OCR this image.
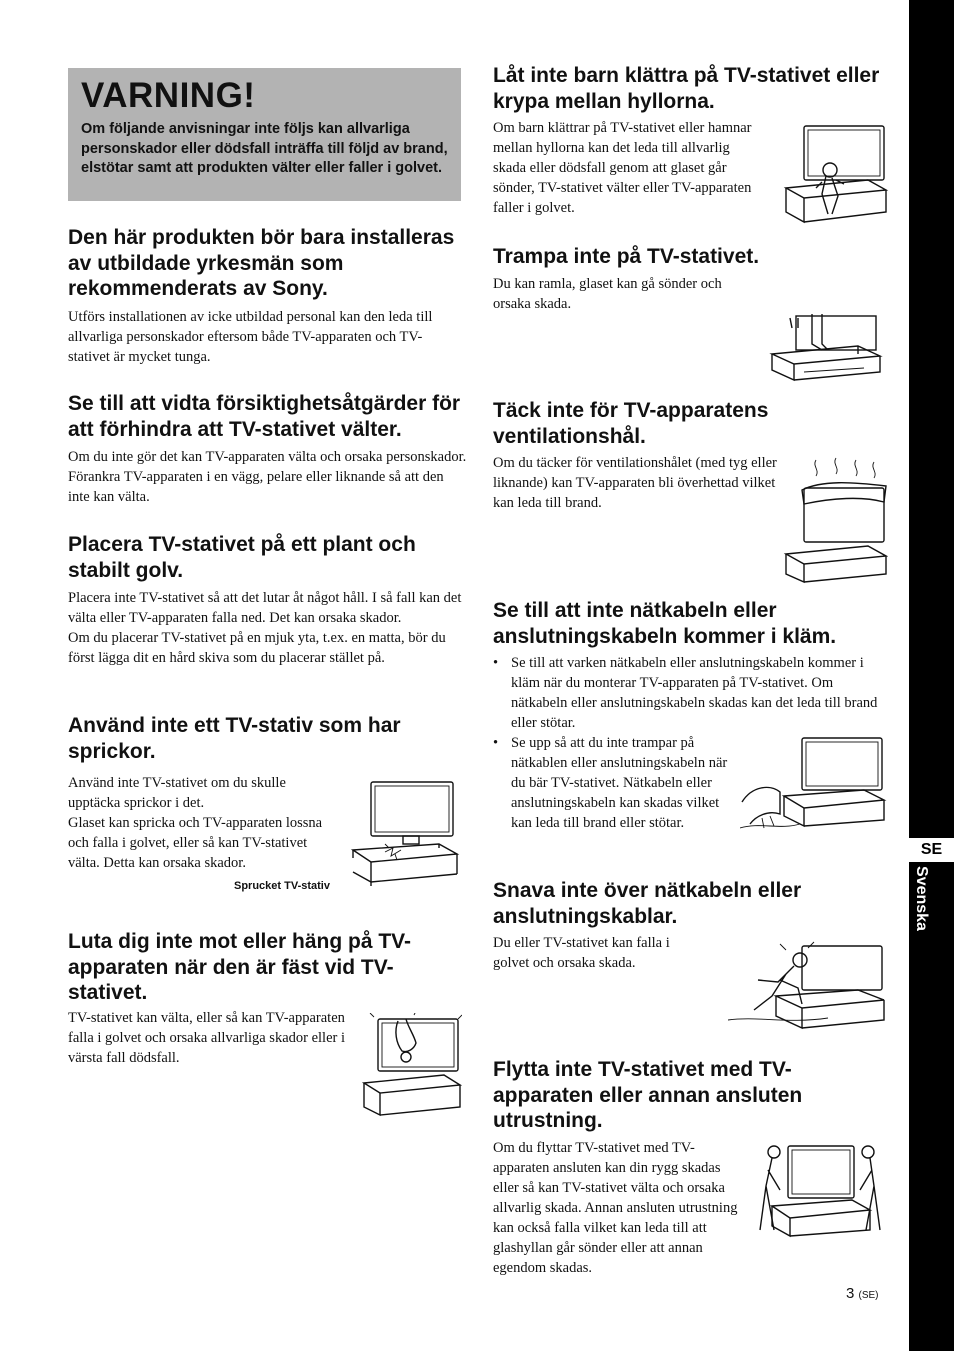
VARNING!

Om följande anvisningar inte följs kan allvarliga personskador eller dödsfall inträffa till följd av brand, elstötar samt att produkten välter eller faller i golvet.

Den här produkten bör bara installeras av utbildade yrkesmän som rekommenderats av Sony.

Utförs installationen av icke utbildad personal kan den leda till allvarliga personskador eftersom både TV-apparaten och TV-stativet är mycket tunga.

Se till att vidta försiktighetsåtgärder för att förhindra att TV-stativet välter.

Om du inte gör det kan TV-apparaten välta och orsaka personskador. Förankra TV-apparaten i en vägg, pelare eller liknande så att den inte kan välta.

Placera TV-stativet på ett plant och stabilt golv.

Placera inte TV-stativet så att det lutar åt något håll. I så fall kan det välta eller TV-apparaten falla ned. Det kan orsaka skador.

Om du placerar TV-stativet på en mjuk yta, t.ex. en matta, bör du först lägga dit en hård skiva som du placerar stället på.

Använd inte ett TV-stativ som har sprickor.

Använd inte TV-stativet om du skulle upptäcka sprickor i det.

Glaset kan spricka och TV-apparaten lossna och falla i golvet, eller så kan TV-stativet välta. Detta kan orsaka skador.

Sprucket TV-stativ
Luta dig inte mot eller häng på TV-apparaten när den är fäst vid TV-stativet.

TV-stativet kan välta, eller så kan TV-apparaten falla i golvet och orsaka allvarliga skador eller i värsta fall dödsfall.

Låt inte barn klättra på TV-stativet eller krypa mellan hyllorna.

Om barn klättrar på TV-stativet eller hamnar mellan hyllorna kan det leda till allvarlig skada eller dödsfall genom att glaset går sönder, TV-stativet välter eller TV-apparaten faller i golvet.

Trampa inte på TV-stativet.

Du kan ramla, glaset kan gå sönder och orsaka skada.

Täck inte för TV-apparatens ventilationshål.

Om du täcker för ventilationshålet (med tyg eller liknande) kan TV-apparaten bli överhettad vilket kan leda till brand.

Se till att inte nätkabeln eller anslutningskabeln kommer i kläm.
• Se till att varken nätkabeln eller anslutningskabeln kommer i kläm när du monterar TV-apparaten på TV-stativet. Om nätkabeln eller anslutningskabeln skadas kan det leda till brand eller stötar.
• Se upp så att du inte trampar på nätkablen eller anslutningskabeln när du bär TV-stativet. Nätkabeln eller anslutningskabeln kan skadas vilket kan leda till brand eller stötar.
Snava inte över nätkabeln eller anslutningskablar.

Du eller TV-stativet kan falla i golvet och orsaka skada.

Flytta inte TV-stativet med TV-apparaten eller annan ansluten utrustning.

Om du flyttar TV-stativet med TV-apparaten ansluten kan din rygg skadas eller så kan TV-stativet välta och orsaka allvarlig skada. Annan ansluten utrustning kan också falla vilket kan leda till att glashyllan går sönder eller att annan egendom skadas.

SE
Svenska
3 (SE)
